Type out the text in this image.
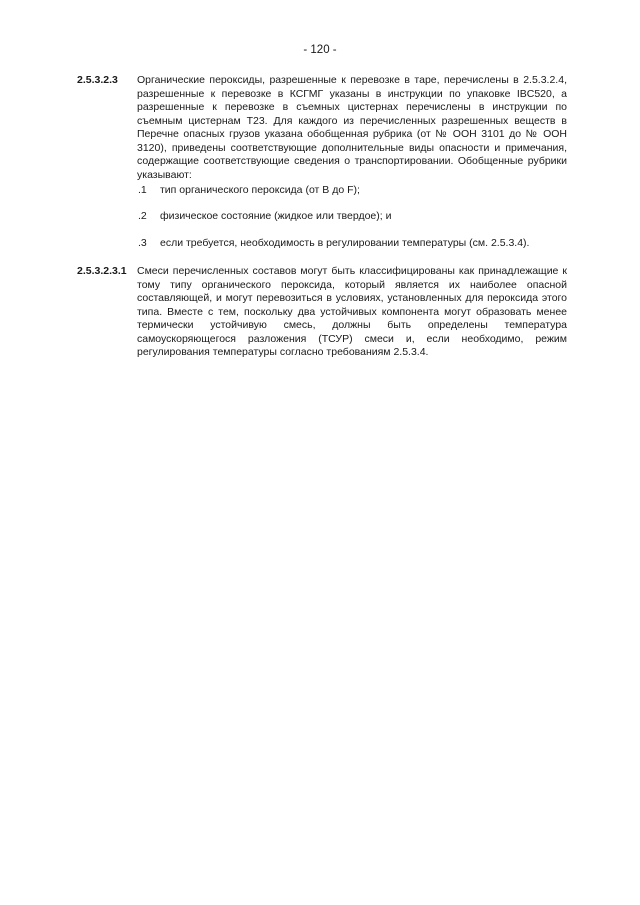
- 120 -
2.5.3.2.3 Органические пероксиды, разрешенные к перевозке в таре, перечислены в 2.5.3.2.4, разрешенные к перевозке в КСГМГ указаны в инструкции по упаковке IBC520, а разрешенные к перевозке в съемных цистернах перечислены в инструкции по съемным цистернам Т23. Для каждого из перечисленных разрешенных веществ в Перечне опасных грузов указана обобщенная рубрика (от № ООН 3101 до № ООН 3120), приведены соответствующие дополнительные виды опасности и примечания, содержащие соответствующие сведения о транспортировании. Обобщенные рубрики указывают:
.1 тип органического пероксида (от В до F);
.2 физическое состояние (жидкое или твердое); и
.3 если требуется, необходимость в регулировании температуры (см. 2.5.3.4).
2.5.3.2.3.1 Смеси перечисленных составов могут быть классифицированы как принадлежащие к тому типу органического пероксида, который является их наиболее опасной составляющей, и могут перевозиться в условиях, установленных для пероксида этого типа. Вместе с тем, поскольку два устойчивых компонента могут образовать менее термически устойчивую смесь, должны быть определены температура самоускоряющегося разложения (ТСУР) смеси и, если необходимо, режим регулирования температуры согласно требованиям 2.5.3.4.
